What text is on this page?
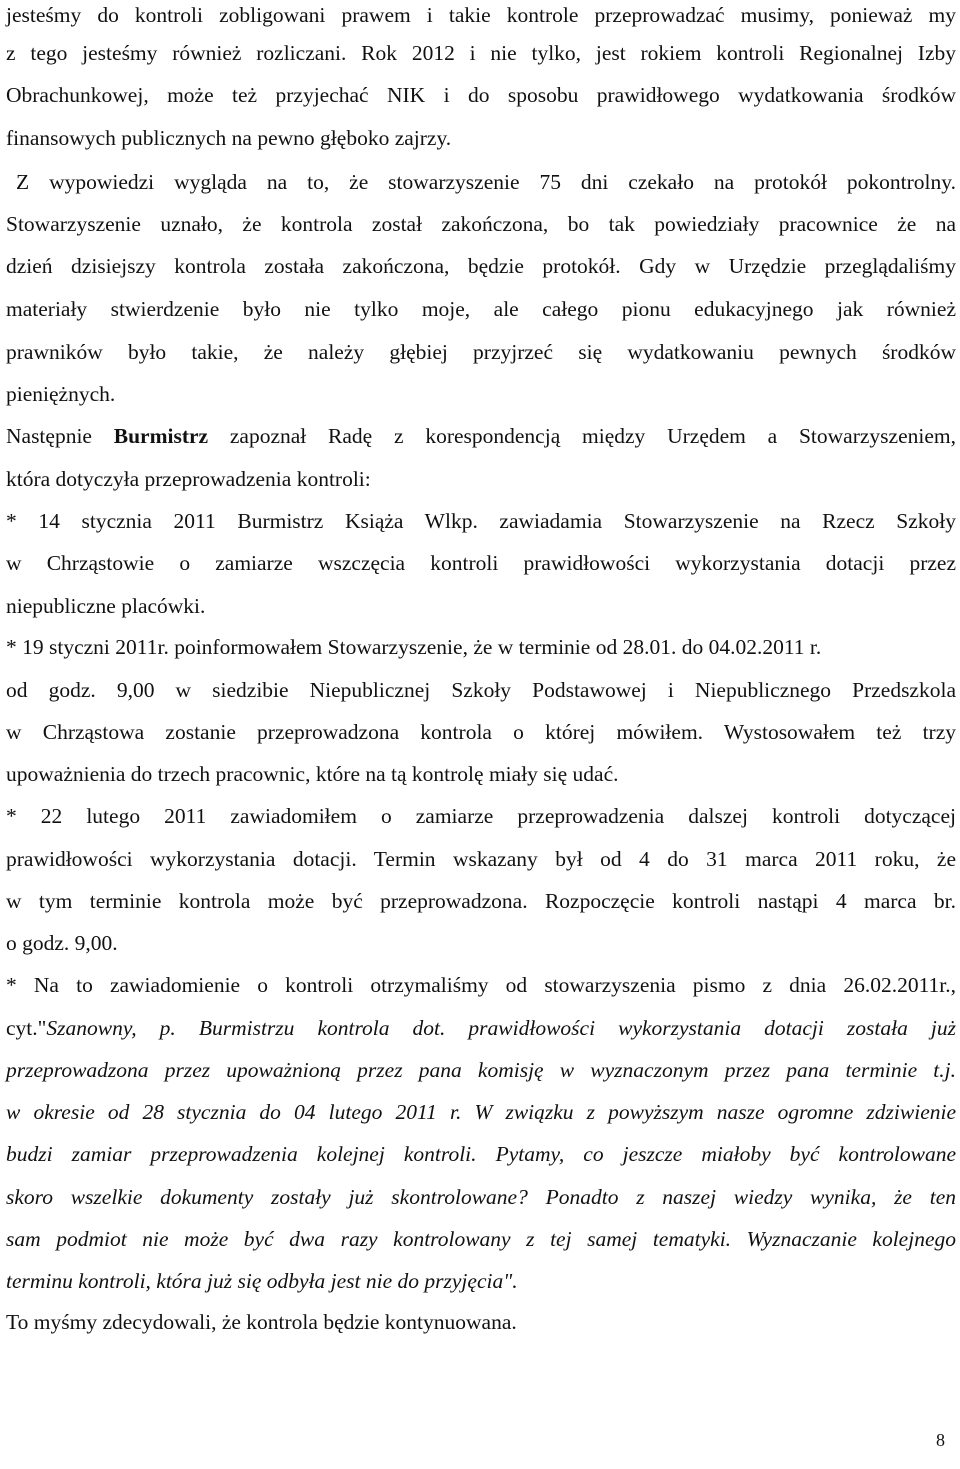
jesteśmy do kontroli zobligowani prawem i takie kontrole przeprowadzać musimy, ponieważ my
z tego jesteśmy również rozliczani. Rok 2012 i nie tylko, jest rokiem kontroli Regionalnej Izby
Obrachunkowej, może też przyjechać NIK i do sposobu prawidłowego wydatkowania środków
finansowych publicznych na pewno głęboko zajrzy.
Z wypowiedzi wygląda na to, że stowarzyszenie 75 dni czekało na protokół pokontrolny.
Stowarzyszenie uznało, że kontrola został zakończona, bo tak powiedziały pracownice że na
dzień dzisiejszy kontrola została zakończona, będzie protokół. Gdy w Urzędzie przeglądaliśmy
materiały stwierdzenie było nie tylko moje, ale całego pionu edukacyjnego jak również
prawników było takie, że należy głębiej przyjrzeć się wydatkowaniu pewnych środków
pieniężnych.
Następnie Burmistrz zapoznał Radę z korespondencją między Urzędem a Stowarzyszeniem,
która dotyczyła przeprowadzenia kontroli:
* 14 stycznia 2011 Burmistrz Książa Wlkp. zawiadamia Stowarzyszenie na Rzecz Szkoły
w Chrząstowie o zamiarze wszczęcia kontroli prawidłowości wykorzystania dotacji przez
niepubliczne placówki.
* 19 styczni 2011r. poinformowałem Stowarzyszenie, że w terminie od 28.01. do 04.02.2011 r.
od godz. 9,00 w siedzibie Niepublicznej Szkoły Podstawowej i Niepublicznego Przedszkola
w Chrząstowa zostanie przeprowadzona kontrola o której mówiłem. Wystosowałem też trzy
upoważnienia do trzech pracownic, które na tą kontrolę miały się udać.
* 22 lutego 2011 zawiadomiłem o zamiarze przeprowadzenia dalszej kontroli dotyczącej
prawidłowości wykorzystania dotacji. Termin wskazany był od 4 do 31 marca 2011 roku, że
w tym terminie kontrola może być przeprowadzona. Rozpoczęcie kontroli nastąpi 4 marca br.
o godz. 9,00.
* Na to zawiadomienie o kontroli otrzymaliśmy od stowarzyszenia pismo z dnia 26.02.2011r.,
cyt."Szanowny, p. Burmistrzu kontrola dot. prawidłowości wykorzystania dotacji została już
przeprowadzona przez upoważnioną przez pana komisję w wyznaczonym przez pana terminie t.j.
w okresie od 28 stycznia do 04 lutego 2011 r. W związku z powyższym nasze ogromne zdziwienie
budzi zamiar przeprowadzenia kolejnej kontroli. Pytamy, co jeszcze miałoby być kontrolowane
skoro wszelkie dokumenty zostały już skontrolowane? Ponadto z naszej wiedzy wynika, że ten
sam podmiot nie może być dwa razy kontrolowany z tej samej tematyki. Wyznaczanie kolejnego
terminu kontroli, która już się odbyła jest nie do przyjęcia".
To myśmy zdecydowali, że kontrola będzie kontynuowana.
8
